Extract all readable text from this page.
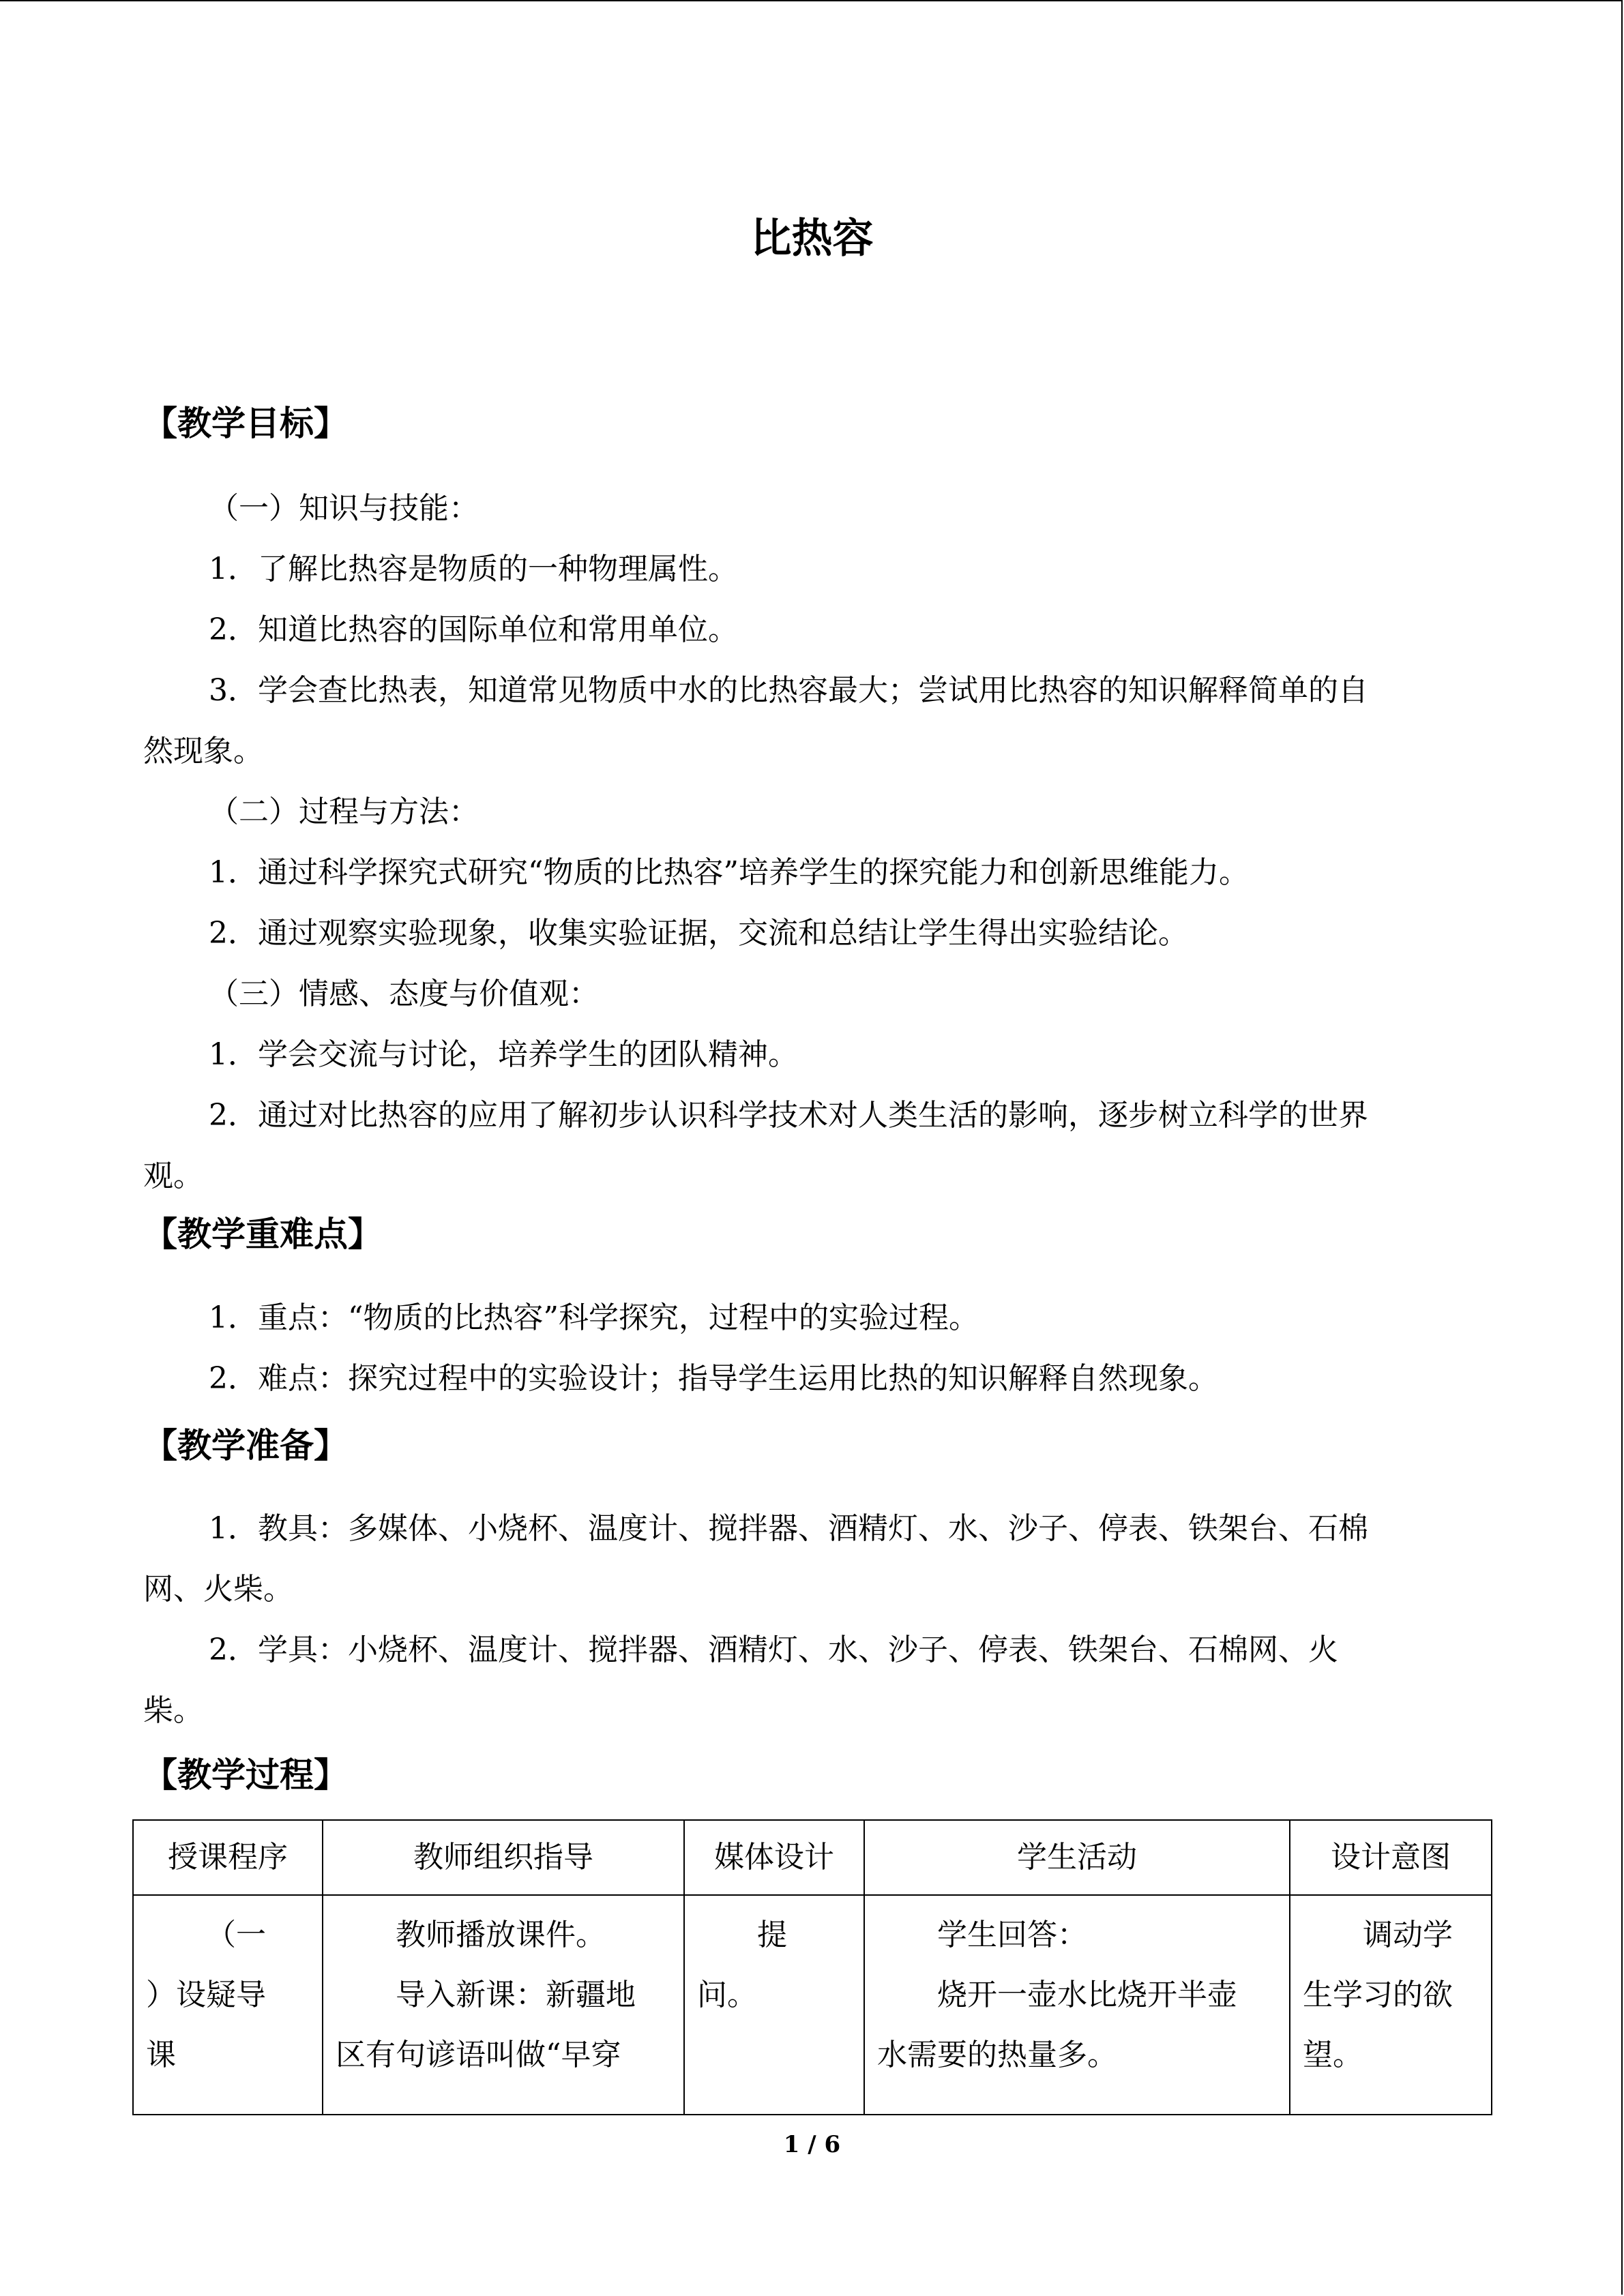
比热容
【教学目标】
（一）知识与技能：
1．了解比热容是物质的一种物理属性。
2．知道比热容的国际单位和常用单位。
3．学会查比热表，知道常见物质中水的比热容最大；尝试用比热容的知识解释简单的自
然现象。
（二）过程与方法：
1．通过科学探究式研究“物质的比热容”培养学生的探究能力和创新思维能力。
2．通过观察实验现象，收集实验证据，交流和总结让学生得出实验结论。
（三）情感、态度与价值观：
1．学会交流与讨论，培养学生的团队精神。
2．通过对比热容的应用了解初步认识科学技术对人类生活的影响，逐步树立科学的世界
观。
【教学重难点】
1．重点：“物质的比热容”科学探究，过程中的实验过程。
2．难点：探究过程中的实验设计；指导学生运用比热的知识解释自然现象。
【教学准备】
1．教具：多媒体、小烧杯、温度计、搅拌器、酒精灯、水、沙子、停表、铁架台、石棉
网、火柴。
2．学具：小烧杯、温度计、搅拌器、酒精灯、水、沙子、停表、铁架台、石棉网、火
柴。
【教学过程】
授课程序	教师组织指导	媒体设计	学生活动	设计意图

（一
）设疑导
课	教师播放课件。
导入新课：新疆地
区有句谚语叫做“早穿	提
问。	学生回答：
烧开一壶水比烧开半壶
水需要的热量多。	调动学
生学习的欲
望。
1 / 6
